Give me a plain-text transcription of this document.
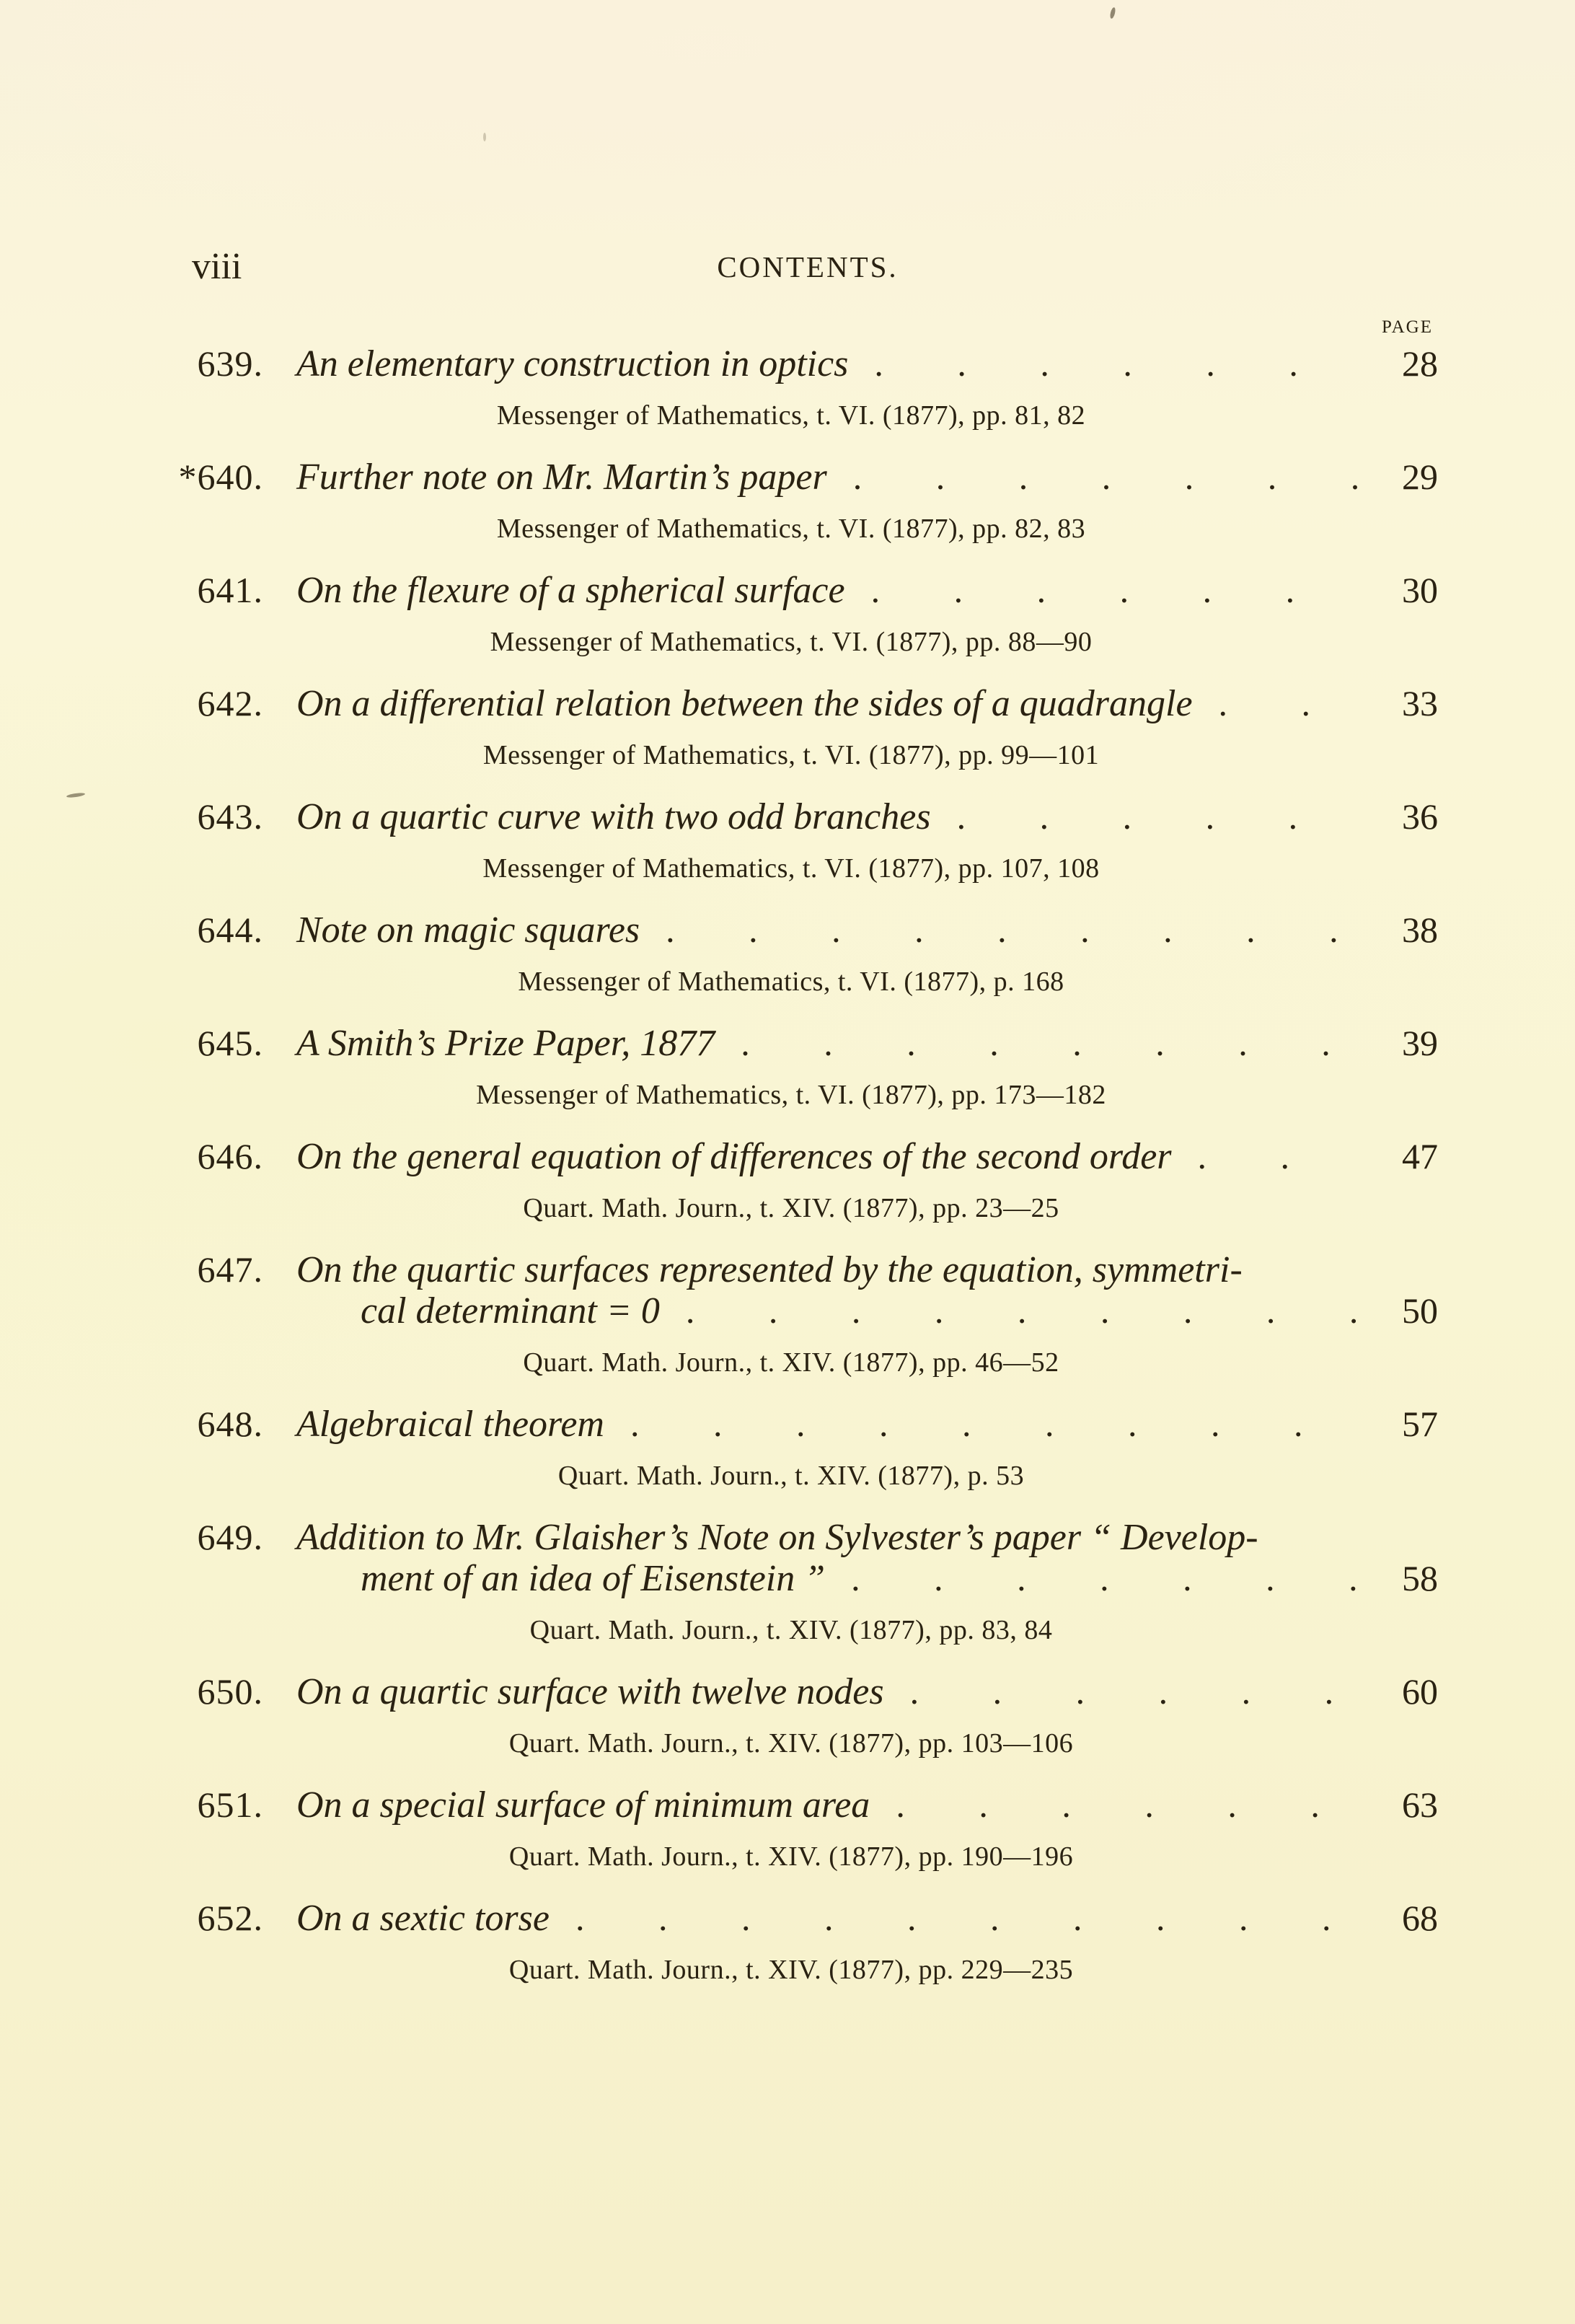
viii	CONTENTS.
PAGE
639. An elementary construction in optics . . .	28
Messenger of Mathematics, t. VI. (1877), pp. 81, 82
*640. Further note on Mr. Martin’s paper . . .	29
Messenger of Mathematics, t. VI. (1877), pp. 82, 83
641. On the flexure of a spherical surface . . .	30
Messenger of Mathematics, t. VI. (1877), pp. 88—90
642. On a differential relation between the sides of a quadrangle . . .	33
Messenger of Mathematics, t. VI. (1877), pp. 99—101
643. On a quartic curve with two odd branches . . .	36
Messenger of Mathematics, t. VI. (1877), pp. 107, 108
644. Note on magic squares . . .	38
Messenger of Mathematics, t. VI. (1877), p. 168
645. A Smith’s Prize Paper, 1877 . . .	39
Messenger of Mathematics, t. VI. (1877), pp. 173—182
646. On the general equation of differences of the second order . . .	47
Quart. Math. Journ., t. XIV. (1877), pp. 23—25
647. On the quartic surfaces represented by the equation, symmetri-
cal determinant = 0 . . .	50
Quart. Math. Journ., t. XIV. (1877), pp. 46—52
648. Algebraical theorem . . .	57
Quart. Math. Journ., t. XIV. (1877), p. 53
649. Addition to Mr. Glaisher’s Note on Sylvester’s paper “ Develop-
ment of an idea of Eisenstein ” . . .	58
Quart. Math. Journ., t. XIV. (1877), pp. 83, 84
650. On a quartic surface with twelve nodes . . .	60
Quart. Math. Journ., t. XIV. (1877), pp. 103—106
651. On a special surface of minimum area . . .	63
Quart. Math. Journ., t. XIV. (1877), pp. 190—196
652. On a sextic torse . . .	68
Quart. Math. Journ., t. XIV. (1877), pp. 229—235
